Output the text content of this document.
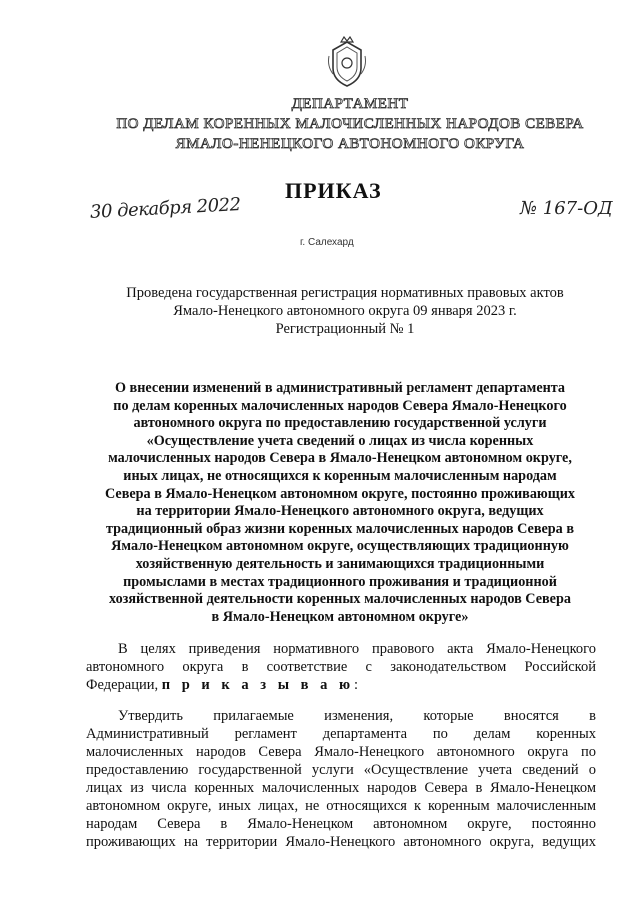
ДЕПАРТАМЕНТ
ПО ДЕЛАМ КОРЕННЫХ МАЛОЧИСЛЕННЫХ НАРОДОВ СЕВЕРА
ЯМАЛО-НЕНЕЦКОГО АВТОНОМНОГО ОКРУГА
ПРИКАЗ
30 декабря 2022	№ 167-ОД
г. Салехард
Проведена государственная регистрация нормативных правовых актов
Ямало-Ненецкого автономного округа 09 января 2023 г.
Регистрационный № 1
О внесении изменений в административный регламент департамента
по делам коренных малочисленных народов Севера Ямало-Ненецкого
автономного округа по предоставлению государственной услуги
«Осуществление учета сведений о лицах из числа коренных
малочисленных народов Севера в Ямало-Ненецком автономном округе,
иных лицах, не относящихся к коренным малочисленным народам
Севера в Ямало-Ненецком автономном округе, постоянно проживающих
на территории Ямало-Ненецкого автономного округа, ведущих
традиционный образ жизни коренных малочисленных народов Севера в
Ямало-Ненецком автономном округе, осуществляющих традиционную
хозяйственную деятельность и занимающихся традиционными
промыслами в местах традиционного проживания и традиционной
хозяйственной деятельности коренных малочисленных народов Севера
в Ямало-Ненецком автономном округе»
В целях приведения нормативного правового акта Ямало-Ненецкого
автономного округа в соответствие с законодательством Российской
Федерации, п р и к а з ы в а ю:
Утвердить прилагаемые изменения, которые вносятся в
Административный регламент департамента по делам коренных
малочисленных народов Севера Ямало-Ненецкого автономного округа по
предоставлению государственной услуги «Осуществление учета сведений о
лицах из числа коренных малочисленных народов Севера в Ямало-Ненецком
автономном округе, иных лицах, не относящихся к коренным малочисленным
народам Севера в Ямало-Ненецком автономном округе, постоянно
проживающих на территории Ямало-Ненецкого автономного округа, ведущих
